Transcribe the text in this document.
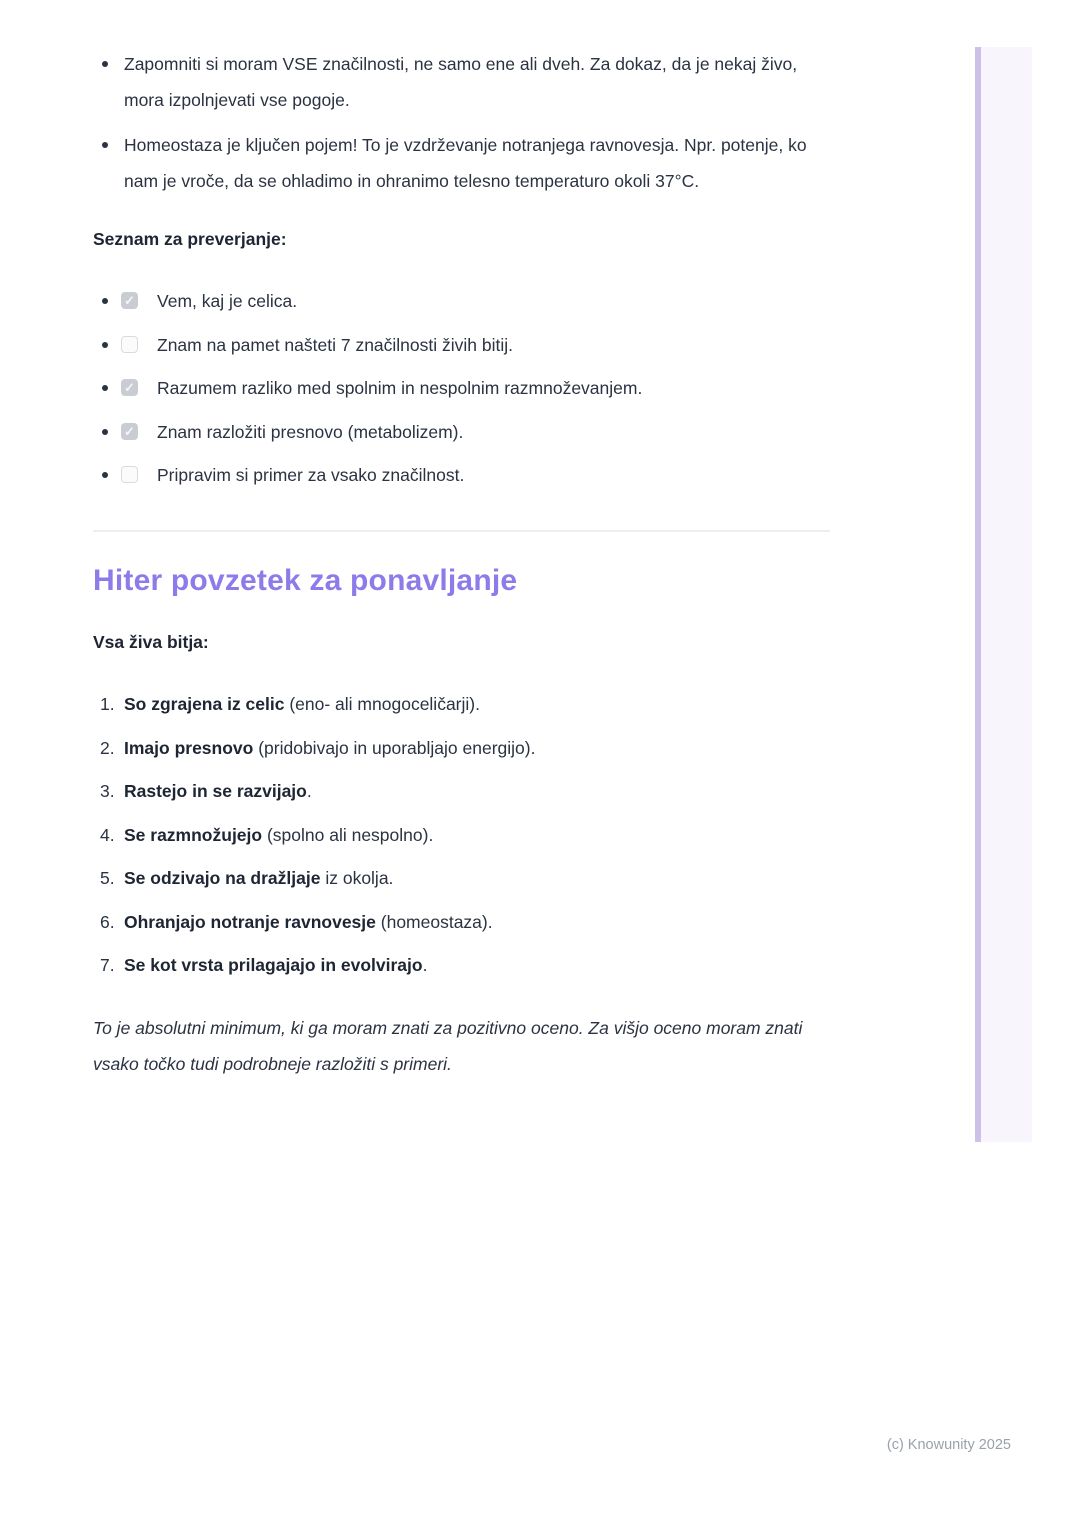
Zapomniti si moram VSE značilnosti, ne samo ene ali dveh. Za dokaz, da je nekaj živo, mora izpolnjevati vse pogoje.
Homeostaza je ključen pojem! To je vzdrževanje notranjega ravnovesja. Npr. potenje, ko nam je vroče, da se ohladimo in ohranimo telesno temperaturo okoli 37°C.

Seznam za preverjanje:

✓
Vem, kaj je celica.
Znam na pamet našteti 7 značilnosti živih bitij.
✓
Razumem razliko med spolnim in nespolnim razmnoževanjem.
✓
Znam razložiti presnovo (metabolizem).
Pripravim si primer za vsako značilnost.
Hiter povzetek za ponavljanje

Vsa živa bitja:

1. So zgrajena iz celic (eno- ali mnogoceličarji).
2. Imajo presnovo (pridobivajo in uporabljajo energijo).
3. Rastejo in se razvijajo.
4. Se razmnožujejo (spolno ali nespolno).
5. Se odzivajo na dražljaje iz okolja.
6. Ohranjajo notranje ravnovesje (homeostaza).
7. Se kot vrsta prilagajajo in evolvirajo.

To je absolutni minimum, ki ga moram znati za pozitivno oceno. Za višjo oceno moram znati vsako točko tudi podrobneje razložiti s primeri.

(c) Knowunity 2025
